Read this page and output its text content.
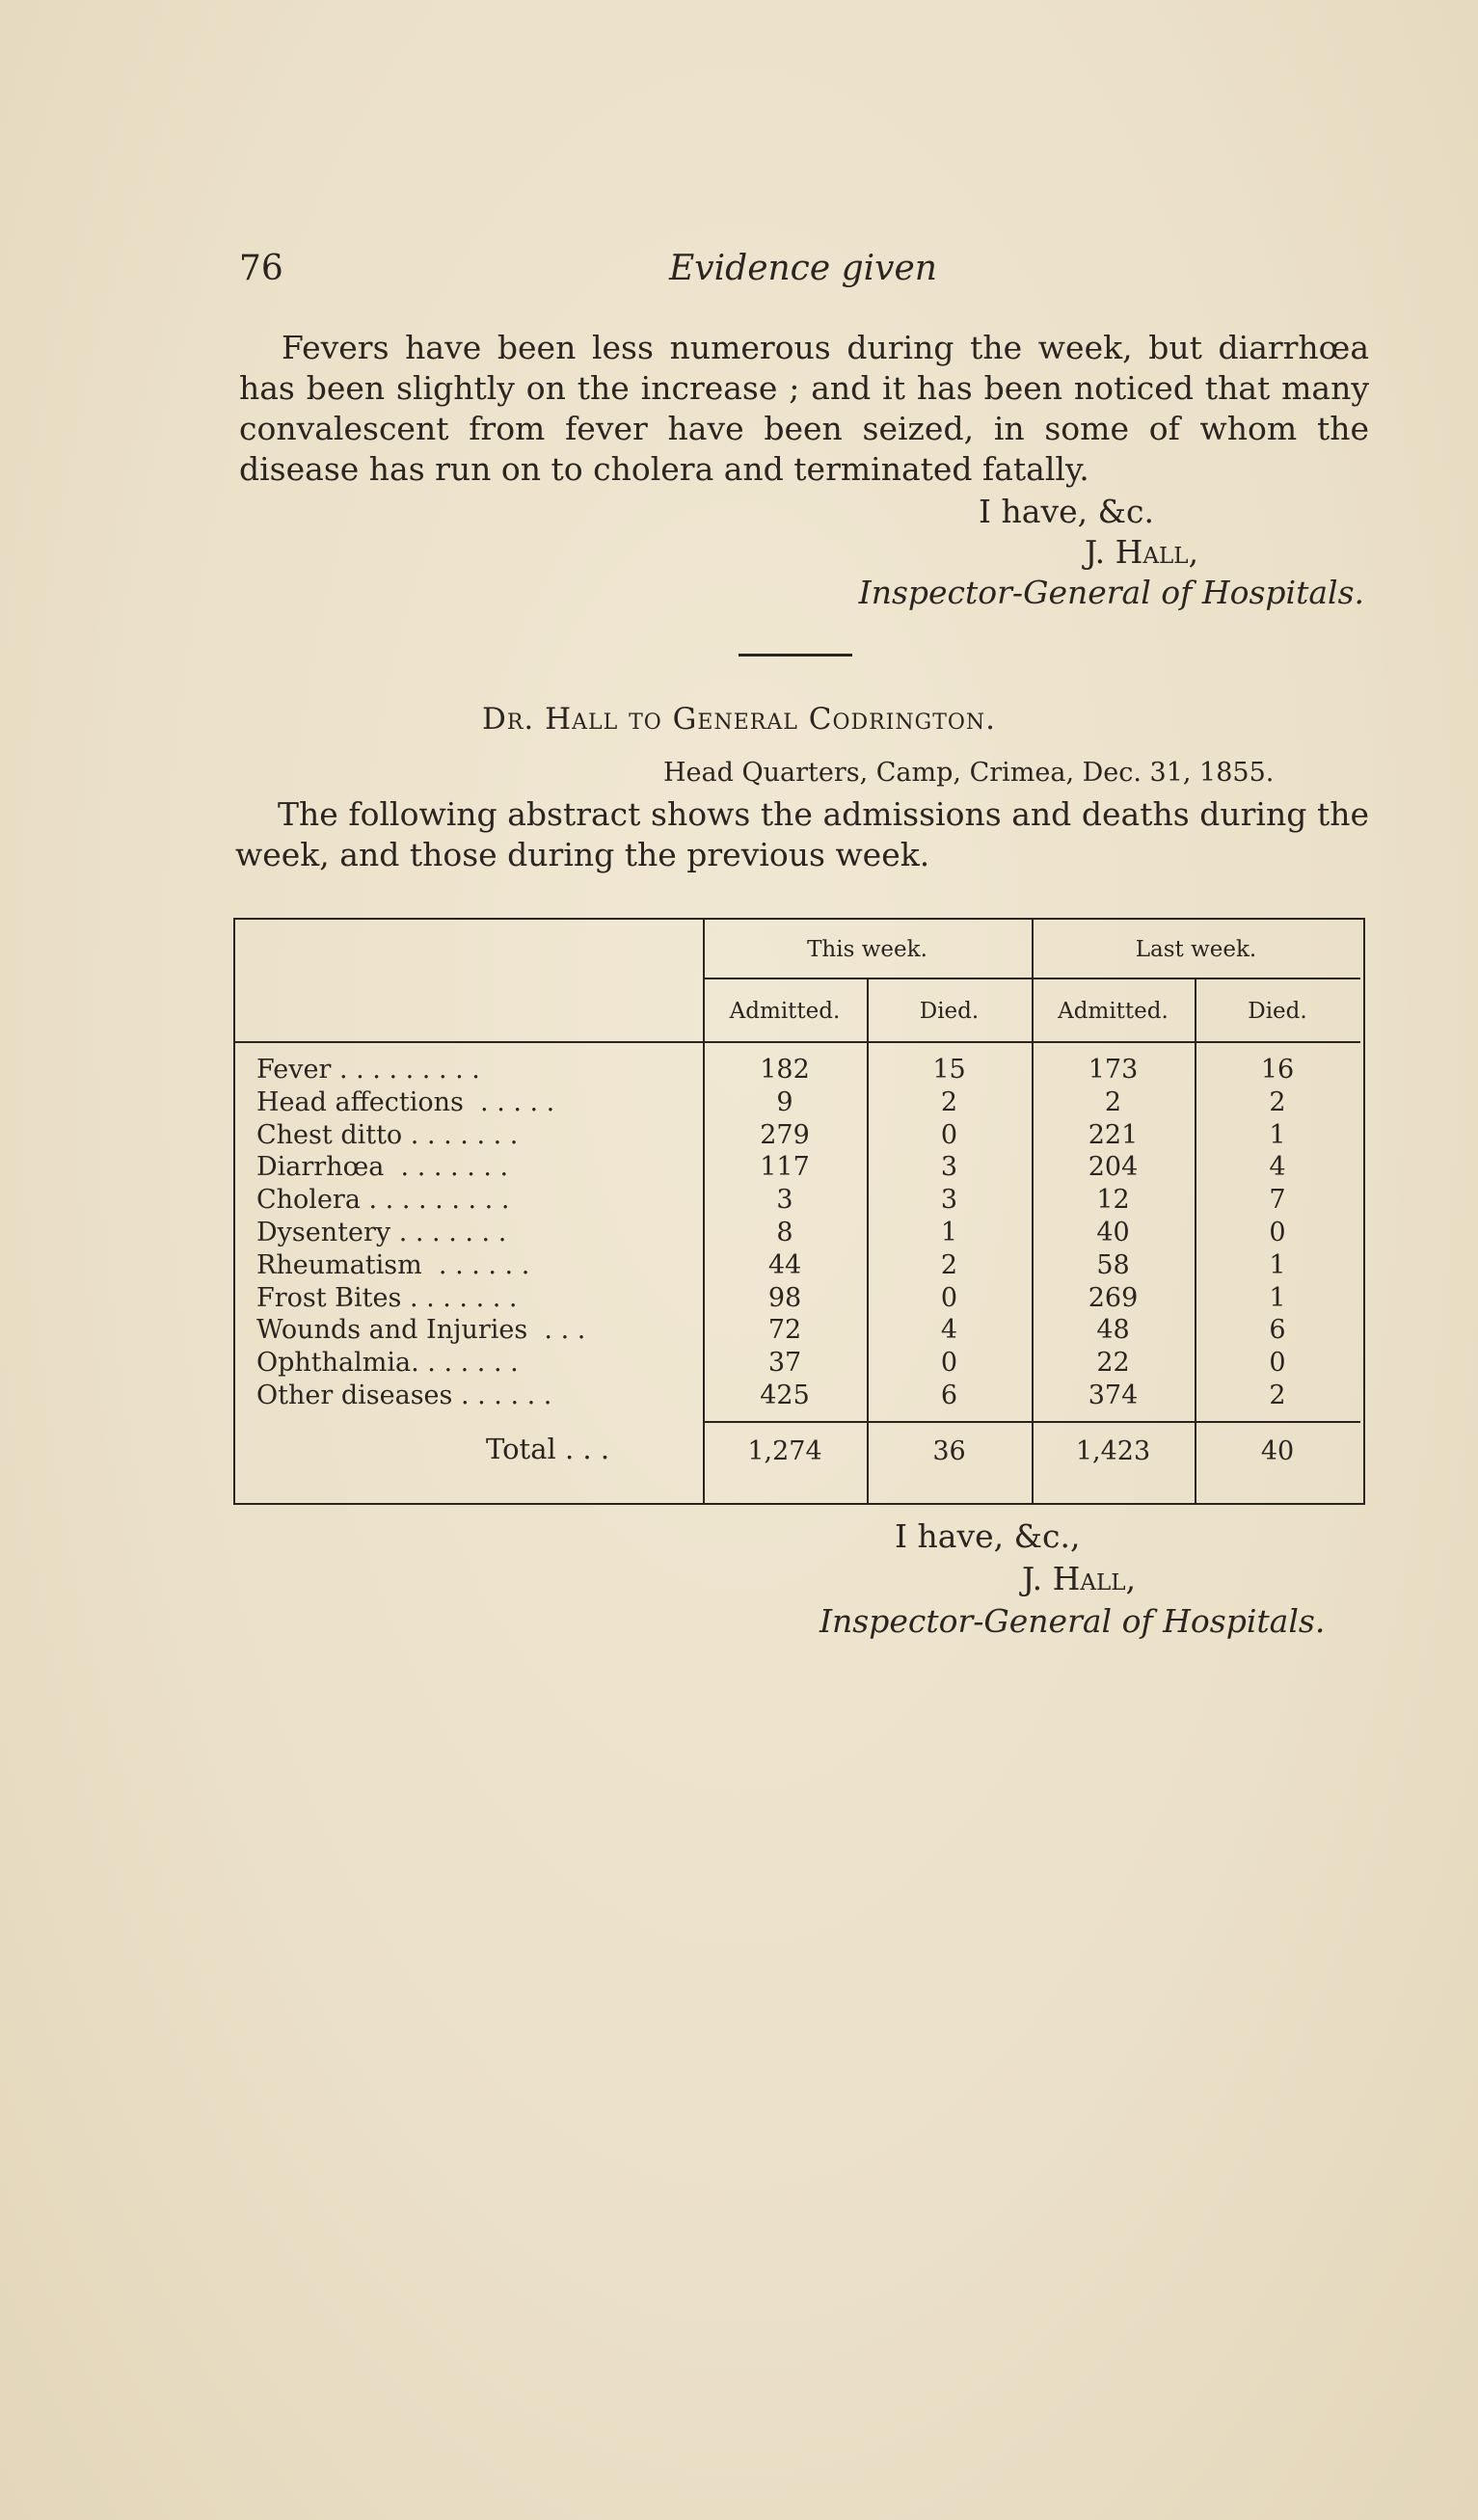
76	Evidence given
Fevers have been less numerous during the week, but diarrhœa has been slightly on the increase ; and it has been noticed that many convalescent from fever have been seized, in some of whom the disease has run on to cholera and terminated fatally.
I have, &c.
J. Hall,
Inspector-General of Hospitals.
Dr. Hall to General Codrington.
Head Quarters, Camp, Crimea, Dec. 31, 1855.
The following abstract shows the admissions and deaths during the week, and those during the previous week.
This week.	Last week.
Admitted.	Died.	Admitted.	Died.
Fever . . . . . . . . .	182	15	173	16
Head affections  . . . . .	9	2	2	2
Chest ditto . . . . . . .	279	0	221	1
Diarrhœa  . . . . . . .	117	3	204	4
Cholera . . . . . . . . .	3	3	12	7
Dysentery . . . . . . .	8	1	40	0
Rheumatism  . . . . . .	44	2	58	1
Frost Bites . . . . . . .	98	0	269	1
Wounds and Injuries  . . .	72	4	48	6
Ophthalmia. . . . . . .	37	0	22	0
Other diseases . . . . . .	425	6	374	2
Total . . .	1,274	36	1,423	40
I have, &c.,
J. Hall,
Inspector-General of Hospitals.
